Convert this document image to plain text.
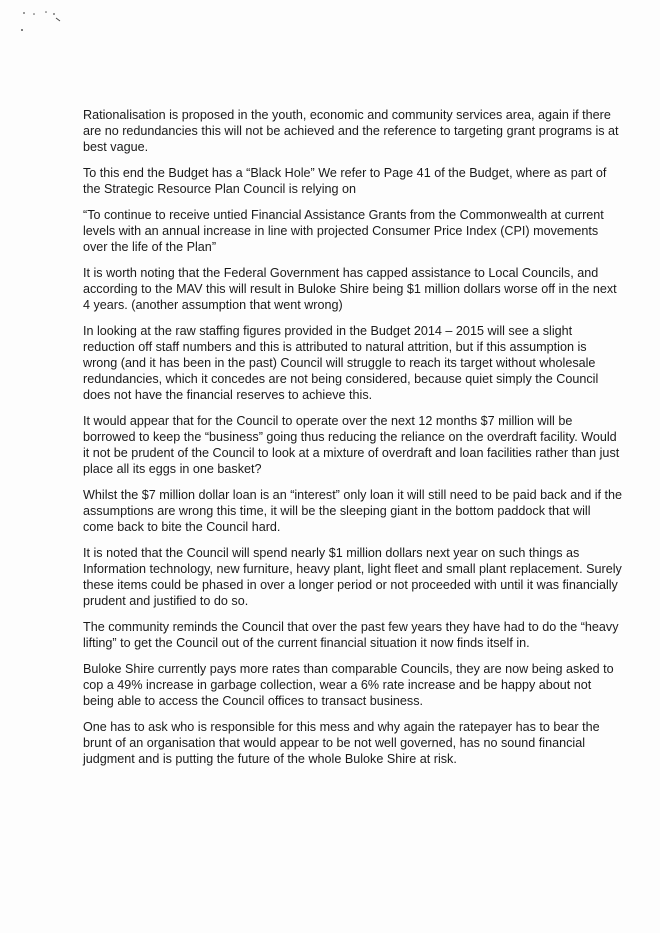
Rationalisation is proposed in the youth, economic and community services area, again if there are no redundancies this will not be achieved and the reference to targeting grant programs is at best vague.

To this end the Budget has a “Black Hole” We refer to Page 41 of the Budget, where as part of the Strategic Resource Plan Council is relying on

“To continue to receive untied Financial Assistance Grants from the Commonwealth at current levels with an annual increase in line with projected Consumer Price Index (CPI) movements over the life of the Plan”

It is worth noting that the Federal Government has capped assistance to Local Councils, and according to the MAV this will result in Buloke Shire being $1 million dollars worse off in the next 4 years. (another assumption that went wrong)

In looking at the raw staffing figures provided in the Budget 2014 – 2015 will see a slight reduction off staff numbers and this is attributed to natural attrition, but if this assumption is wrong (and it has been in the past) Council will struggle to reach its target without wholesale redundancies, which it concedes are not being considered, because quiet simply the Council does not have the financial reserves to achieve this.

It would appear that for the Council to operate over the next 12 months $7 million will be borrowed to keep the “business” going thus reducing the reliance on the overdraft facility. Would it not be prudent of the Council to look at a mixture of overdraft and loan facilities rather than just place all its eggs in one basket?

Whilst the $7 million dollar loan is an “interest” only loan it will still need to be paid back and if the assumptions are wrong this time, it will be the sleeping giant in the bottom paddock that will come back to bite the Council hard.

It is noted that the Council will spend nearly $1 million dollars next year on such things as Information technology, new furniture, heavy plant, light fleet and small plant replacement. Surely these items could be phased in over a longer period or not proceeded with until it was financially prudent and justified to do so.

The community reminds the Council that over the past few years they have had to do the “heavy lifting” to get the Council out of the current financial situation it now finds itself in.

Buloke Shire currently pays more rates than comparable Councils, they are now being asked to cop a 49% increase in garbage collection, wear a 6% rate increase and be happy about not being able to access the Council offices to transact business.

One has to ask who is responsible for this mess and why again the ratepayer has to bear the brunt of an organisation that would appear to be not well governed, has no sound financial judgment and is putting the future of the whole Buloke Shire at risk.
